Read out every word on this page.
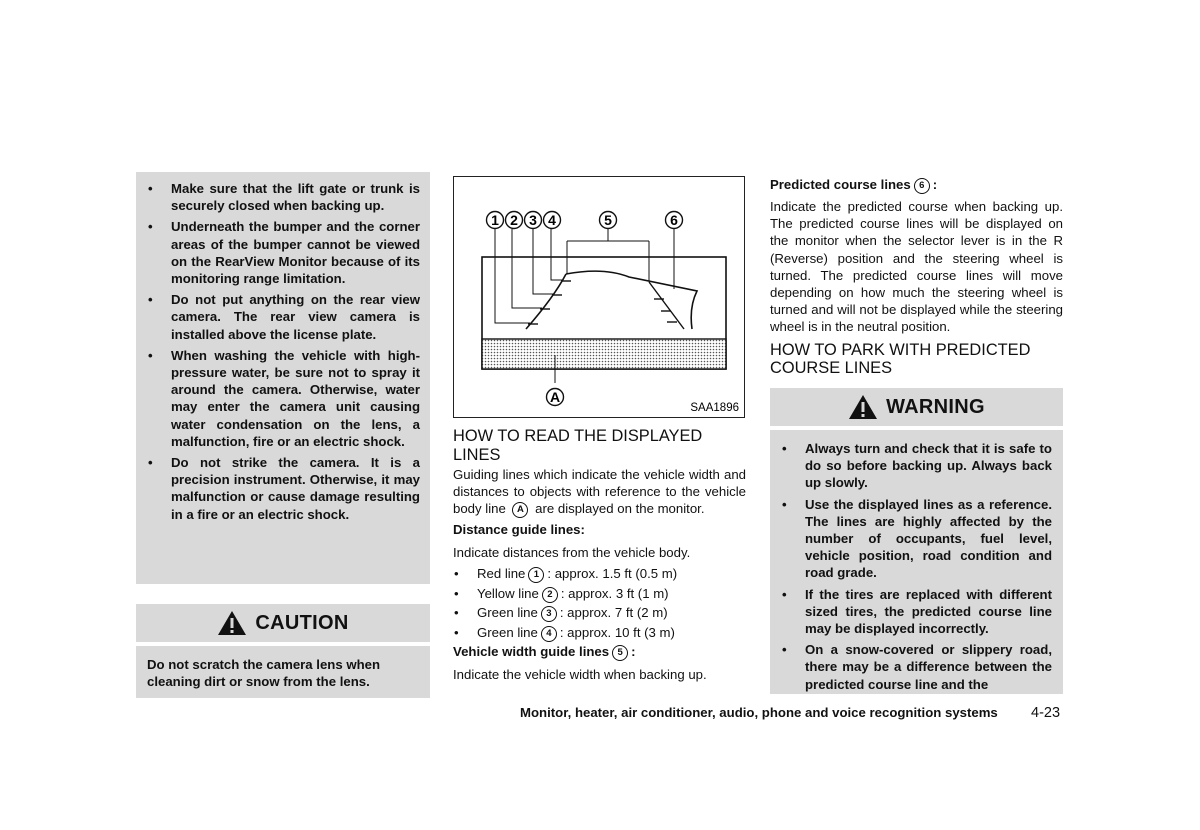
• Make sure that the lift gate or trunk is securely closed when backing up.
• Underneath the bumper and the corner areas of the bumper cannot be viewed on the RearView Monitor because of its monitoring range limitation.
• Do not put anything on the rear view camera. The rear view camera is installed above the license plate.
• When washing the vehicle with high-pressure water, be sure not to spray it around the camera. Otherwise, water may enter the camera unit causing water condensation on the lens, a malfunction, fire or an electric shock.
• Do not strike the camera. It is a precision instrument. Otherwise, it may malfunction or cause damage resulting in a fire or an electric shock.
CAUTION
Do not scratch the camera lens when cleaning dirt or snow from the lens.
1 2 3 4	5	6
A
SAA1896
HOW TO READ THE DISPLAYED LINES

Guiding lines which indicate the vehicle width and distances to objects with reference to the vehicle body line A are displayed on the monitor.

Distance guide lines:

Indicate distances from the vehicle body.

• Red line 1 : approx. 1.5 ft (0.5 m)

• Yellow line 2 : approx. 3 ft (1 m)

• Green line 3 : approx. 7 ft (2 m)

• Green line 4 : approx. 10 ft (3 m)

Vehicle width guide lines 5 :

Indicate the vehicle width when backing up.

Predicted course lines 6 :

Indicate the predicted course when backing up. The predicted course lines will be displayed on the monitor when the selector lever is in the R (Reverse) position and the steering wheel is turned. The predicted course lines will move depending on how much the steering wheel is turned and will not be displayed while the steering wheel is in the neutral position.

HOW TO PARK WITH PREDICTED COURSE LINES
WARNING
• Always turn and check that it is safe to do so before backing up. Always back up slowly.
• Use the displayed lines as a reference. The lines are highly affected by the number of occupants, fuel level, vehicle position, road condition and road grade.
• If the tires are replaced with different sized tires, the predicted course line may be displayed incorrectly.
• On a snow-covered or slippery road, there may be a difference between the predicted course line and the
Monitor, heater, air conditioner, audio, phone and voice recognition systems 4-23
